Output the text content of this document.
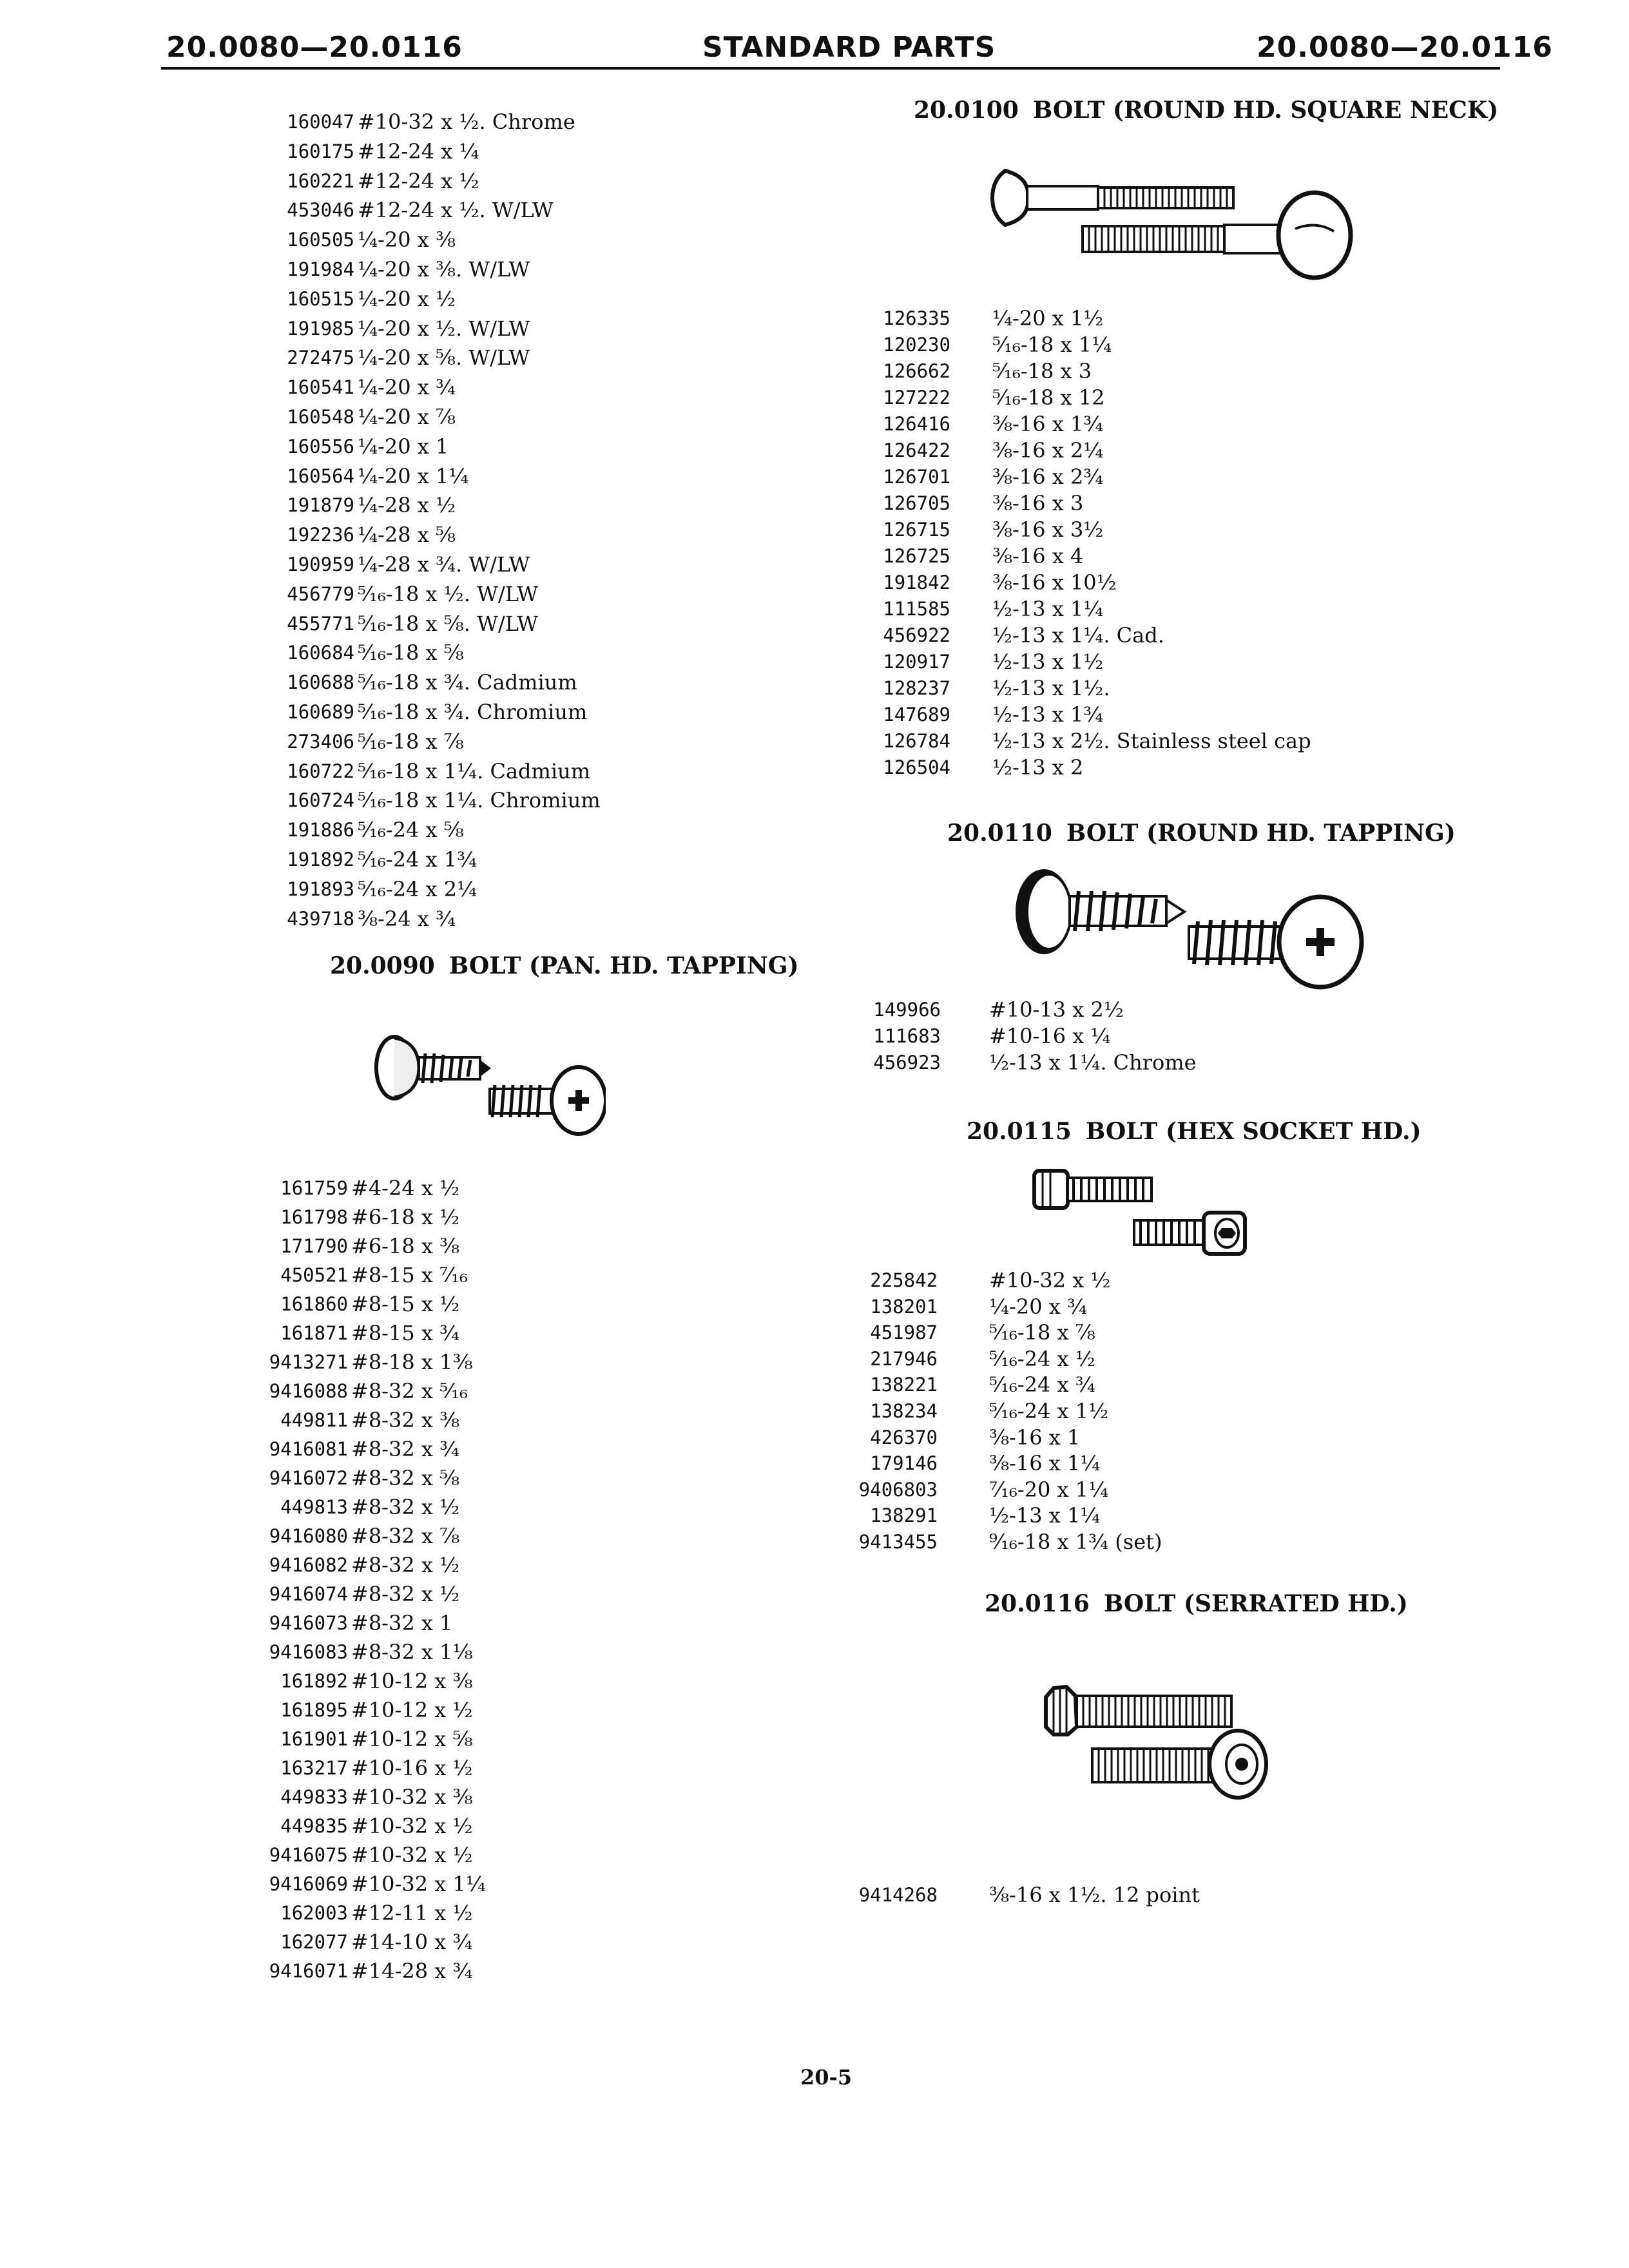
20.0080—20.0116	STANDARD PARTS	20.0080—20.0116
160047 #10-32 x ½. Chrome
160175 #12-24 x ¼
160221 #12-24 x ½
453046 #12-24 x ½. W/LW
160505 ¼-20 x ⅜
191984 ¼-20 x ⅜. W/LW
160515 ¼-20 x ½
191985 ¼-20 x ½. W/LW
272475 ¼-20 x ⅝. W/LW
160541 ¼-20 x ¾
160548 ¼-20 x ⅞
160556 ¼-20 x 1
160564 ¼-20 x 1¼
191879 ¼-28 x ½
192236 ¼-28 x ⅝
190959 ¼-28 x ¾. W/LW
456779 ⁵⁄₁₆-18 x ½. W/LW
455771 ⁵⁄₁₆-18 x ⅝. W/LW
160684 ⁵⁄₁₆-18 x ⅝
160688 ⁵⁄₁₆-18 x ¾. Cadmium
160689 ⁵⁄₁₆-18 x ¾. Chromium
273406 ⁵⁄₁₆-18 x ⅞
160722 ⁵⁄₁₆-18 x 1¼. Cadmium
160724 ⁵⁄₁₆-18 x 1¼. Chromium
191886 ⁵⁄₁₆-24 x ⅝
191892 ⁵⁄₁₆-24 x 1¾
191893 ⁵⁄₁₆-24 x 2¼
439718 ⅜-24 x ¾
20.0090 BOLT (PAN. HD. TAPPING)
161759 #4-24 x ½
161798 #6-18 x ½
171790 #6-18 x ⅜
450521 #8-15 x ⁷⁄₁₆
161860 #8-15 x ½
161871 #8-15 x ¾
9413271 #8-18 x 1⅜
9416088 #8-32 x ⁵⁄₁₆
449811 #8-32 x ⅜
9416081 #8-32 x ¾
9416072 #8-32 x ⅝
449813 #8-32 x ½
9416080 #8-32 x ⅞
9416082 #8-32 x ½
9416074 #8-32 x ½
9416073 #8-32 x 1
9416083 #8-32 x 1⅛
161892 #10-12 x ⅜
161895 #10-12 x ½
161901 #10-12 x ⅝
163217 #10-16 x ½
449833 #10-32 x ⅜
449835 #10-32 x ½
9416075 #10-32 x ½
9416069 #10-32 x 1¼
162003 #12-11 x ½
162077 #14-10 x ¾
9416071 #14-28 x ¾
20.0100 BOLT (ROUND HD. SQUARE NECK)
126335 ¼-20 x 1½
120230 ⁵⁄₁₆-18 x 1¼
126662 ⁵⁄₁₆-18 x 3
127222 ⁵⁄₁₆-18 x 12
126416 ⅜-16 x 1¾
126422 ⅜-16 x 2¼
126701 ⅜-16 x 2¾
126705 ⅜-16 x 3
126715 ⅜-16 x 3½
126725 ⅜-16 x 4
191842 ⅜-16 x 10½
111585 ½-13 x 1¼
456922 ½-13 x 1¼. Cad.
120917 ½-13 x 1½
128237 ½-13 x 1½.
147689 ½-13 x 1¾
126784 ½-13 x 2½. Stainless steel cap
126504 ½-13 x 2
20.0110 BOLT (ROUND HD. TAPPING)
149966 #10-13 x 2½
111683 #10-16 x ¼
456923 ½-13 x 1¼. Chrome
20.0115 BOLT (HEX SOCKET HD.)
225842	#10-32 x ½
138201	¼-20 x ¾
451987	⁵⁄₁₆-18 x ⅞
217946	⁵⁄₁₆-24 x ½
138221	⁵⁄₁₆-24 x ¾
138234	⁵⁄₁₆-24 x 1½
426370	⅜-16 x 1
179146	⅜-16 x 1¼
9406803	⁷⁄₁₆-20 x 1¼
138291	½-13 x 1¼
9413455	⁹⁄₁₆-18 x 1¾ (set)
20.0116 BOLT (SERRATED HD.)
9414268	⅜-16 x 1½. 12 point
20-5
